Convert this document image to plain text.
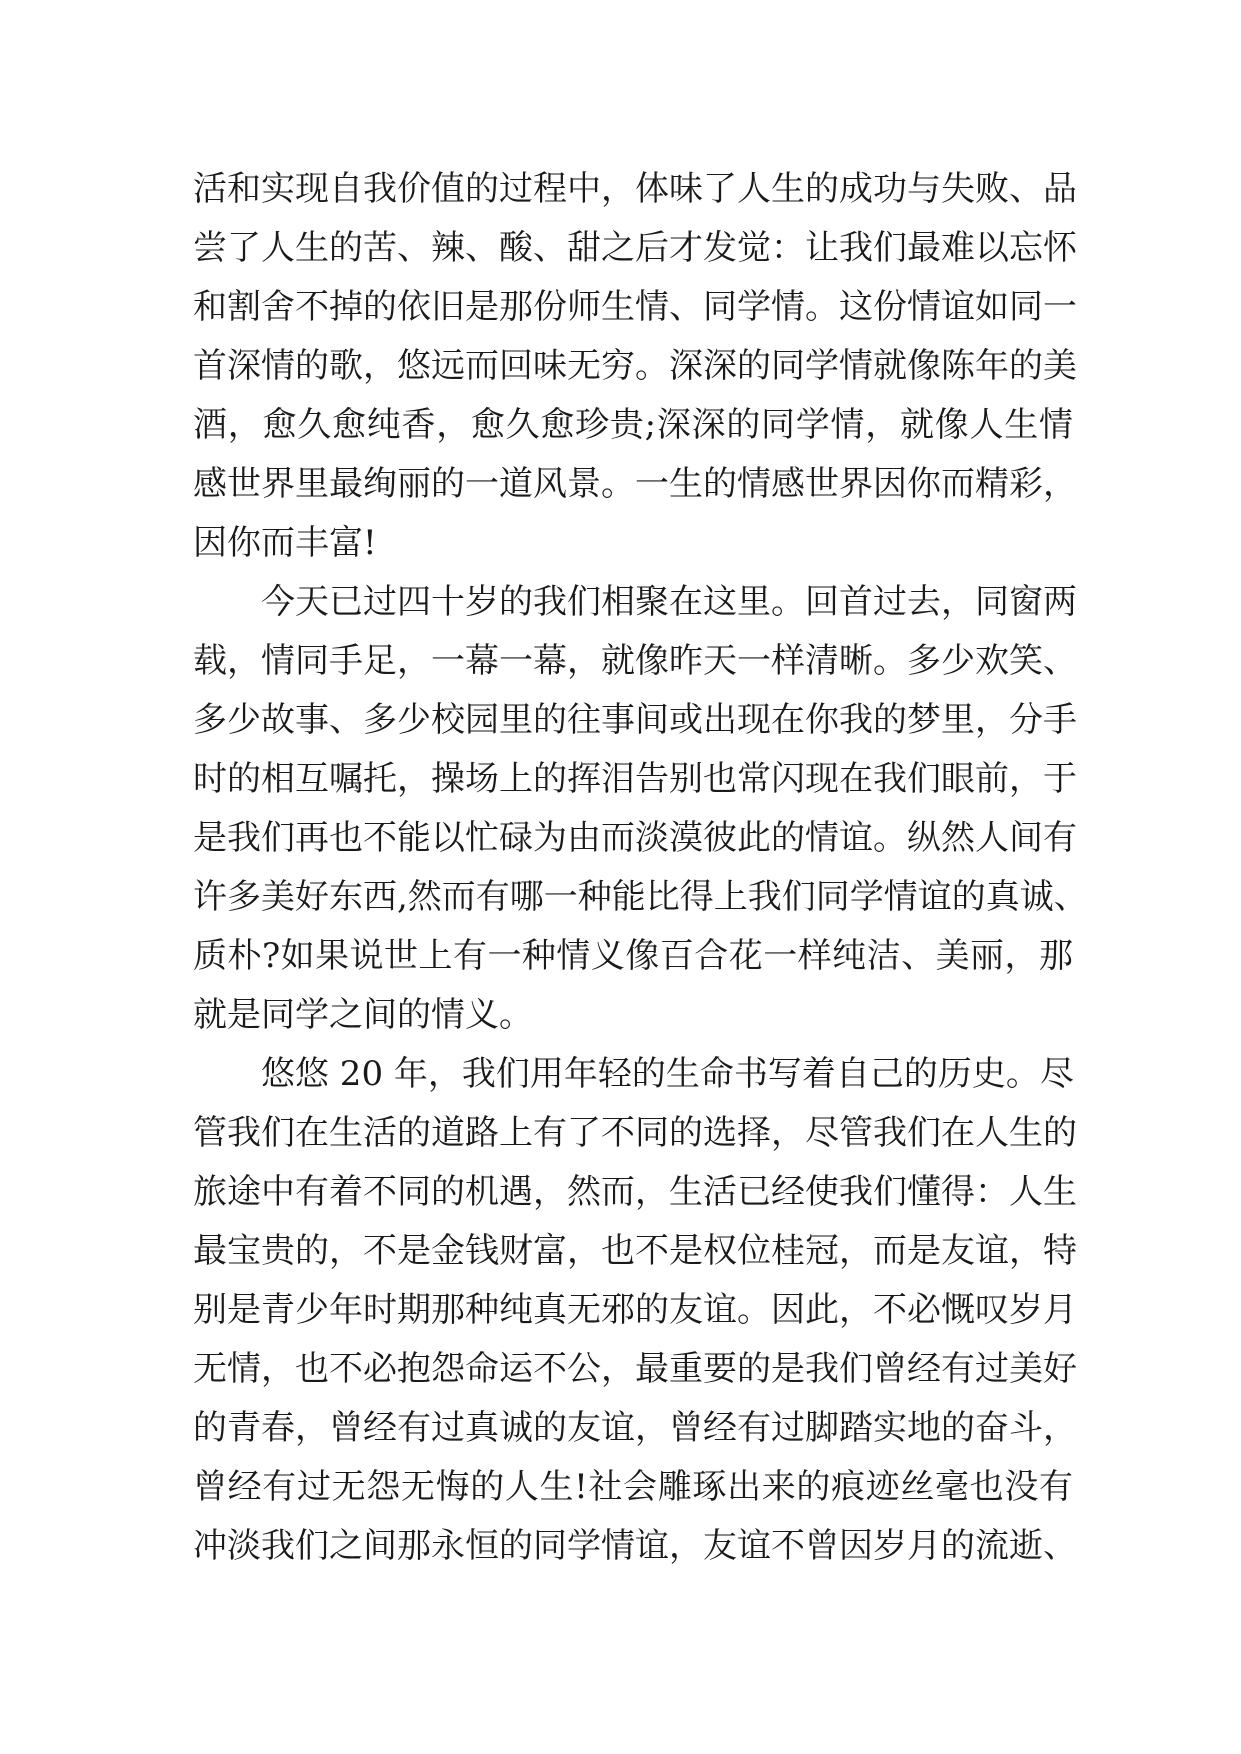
活和实现自我价值的过程中，体味了人生的成功与失败、品
尝了人生的苦、辣、酸、甜之后才发觉：让我们最难以忘怀
和割舍不掉的依旧是那份师生情、同学情。这份情谊如同一
首深情的歌，悠远而回味无穷。深深的同学情就像陈年的美
酒，愈久愈纯香，愈久愈珍贵;深深的同学情，就像人生情
感世界里最绚丽的一道风景。一生的情感世界因你而精彩，
因你而丰富!
今天已过四十岁的我们相聚在这里。回首过去，同窗两
载，情同手足，一幕一幕，就像昨天一样清晰。多少欢笑、
多少故事、多少校园里的往事间或出现在你我的梦里，分手
时的相互嘱托，操场上的挥泪告别也常闪现在我们眼前，于
是我们再也不能以忙碌为由而淡漠彼此的情谊。纵然人间有
许多美好东西,然而有哪一种能比得上我们同学情谊的真诚、
质朴?如果说世上有一种情义像百合花一样纯洁、美丽，那
就是同学之间的情义。
悠悠 20 年，我们用年轻的生命书写着自己的历史。尽
管我们在生活的道路上有了不同的选择，尽管我们在人生的
旅途中有着不同的机遇，然而，生活已经使我们懂得：人生
最宝贵的，不是金钱财富，也不是权位桂冠，而是友谊，特
别是青少年时期那种纯真无邪的友谊。因此，不必慨叹岁月
无情，也不必抱怨命运不公，最重要的是我们曾经有过美好
的青春，曾经有过真诚的友谊，曾经有过脚踏实地的奋斗，
曾经有过无怨无悔的人生!社会雕琢出来的痕迹丝毫也没有
冲淡我们之间那永恒的同学情谊，友谊不曾因岁月的流逝、
